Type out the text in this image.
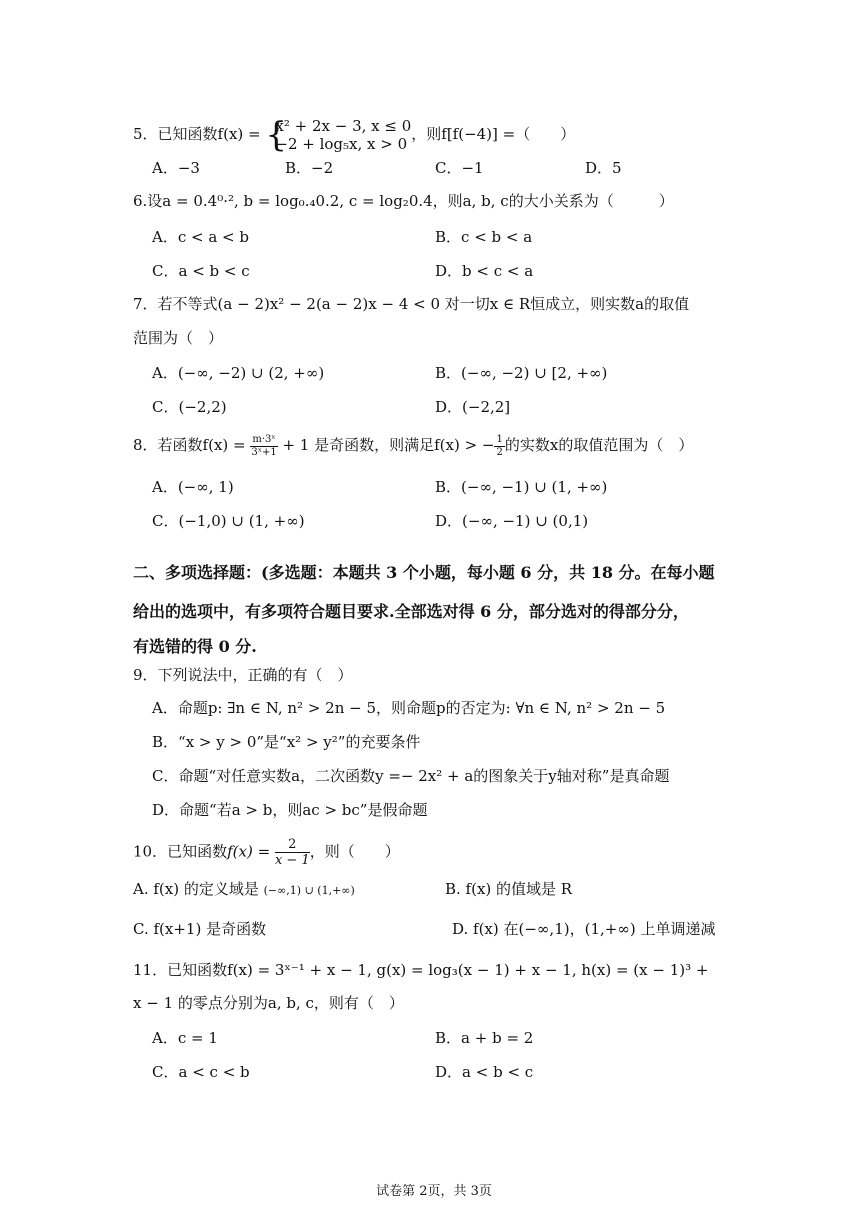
5．已知函数f(x) = {
x² + 2x − 3, x ≤ 0
−2 + log₅x, x > 0
，则f[f(−4)] =（　　）
A．−3	B．−2	C．−1	D．5
6.设a = 0.4⁰·², b = log₀.₄0.2, c = log₂0.4，则a, b, c的大小关系为（　　　）
A．c < a < b	B．c < b < a
C．a < b < c	D．b < c < a
7．若不等式(a − 2)x² − 2(a − 2)x − 4 < 0 对一切x ∈ R恒成立，则实数a的取值
范围为（　）
A．(−∞, −2) ∪ (2, +∞)	B．(−∞, −2) ∪ [2, +∞)
C．(−2,2)	D．(−2,2]
8．若函数$f(x) = \frac{\text{m·3ˣ}}{\text{3ˣ+1}} + 1$ 是奇函数，则满足f(x) > − $\frac{1}{2}$ 的实数x的取值范围为（　）
A．(−∞, 1)	B．(−∞, −1) ∪ (1, +∞)
C．(−1,0) ∪ (1, +∞)	D．(−∞, −1) ∪ (0,1)
二、多项选择题：(多选题：本题共 3 个小题，每小题 6 分，共 18 分。在每小题
给出的选项中，有多项符合题目要求.全部选对得 6 分，部分选对的得部分分，
有选错的得 0 分.
9．下列说法中，正确的有（　）
A．命题p: ∃n ∈ N, n² > 2n − 5，则命题p的否定为: ∀n ∈ N, n² > 2n − 5
B．“x > y > 0”是“x² > y²”的充要条件
C．命题“对任意实数a，二次函数y =− 2x² + a的图象关于y轴对称”是真命题
D．命题“若a > b，则ac > bc”是假命题
10．已知函数$f(x) = \frac{2}{x - 1}$ ，则（　　）
A. f(x) 的定义域是 (−∞,1) ∪ (1,+∞)	B. f(x) 的值域是 R
C. f(x+1) 是奇函数	D. f(x) 在(−∞,1)，(1,+∞) 上单调递减
11．已知函数f(x) = 3ˣ⁻¹ + x − 1, g(x) = log₃(x − 1) + x − 1, h(x) = (x − 1)³ +
x − 1 的零点分别为a, b, c，则有（　）
A．c = 1	B．a + b = 2
C．a < c < b	D．a < b < c
试卷第 2页，共 3页
